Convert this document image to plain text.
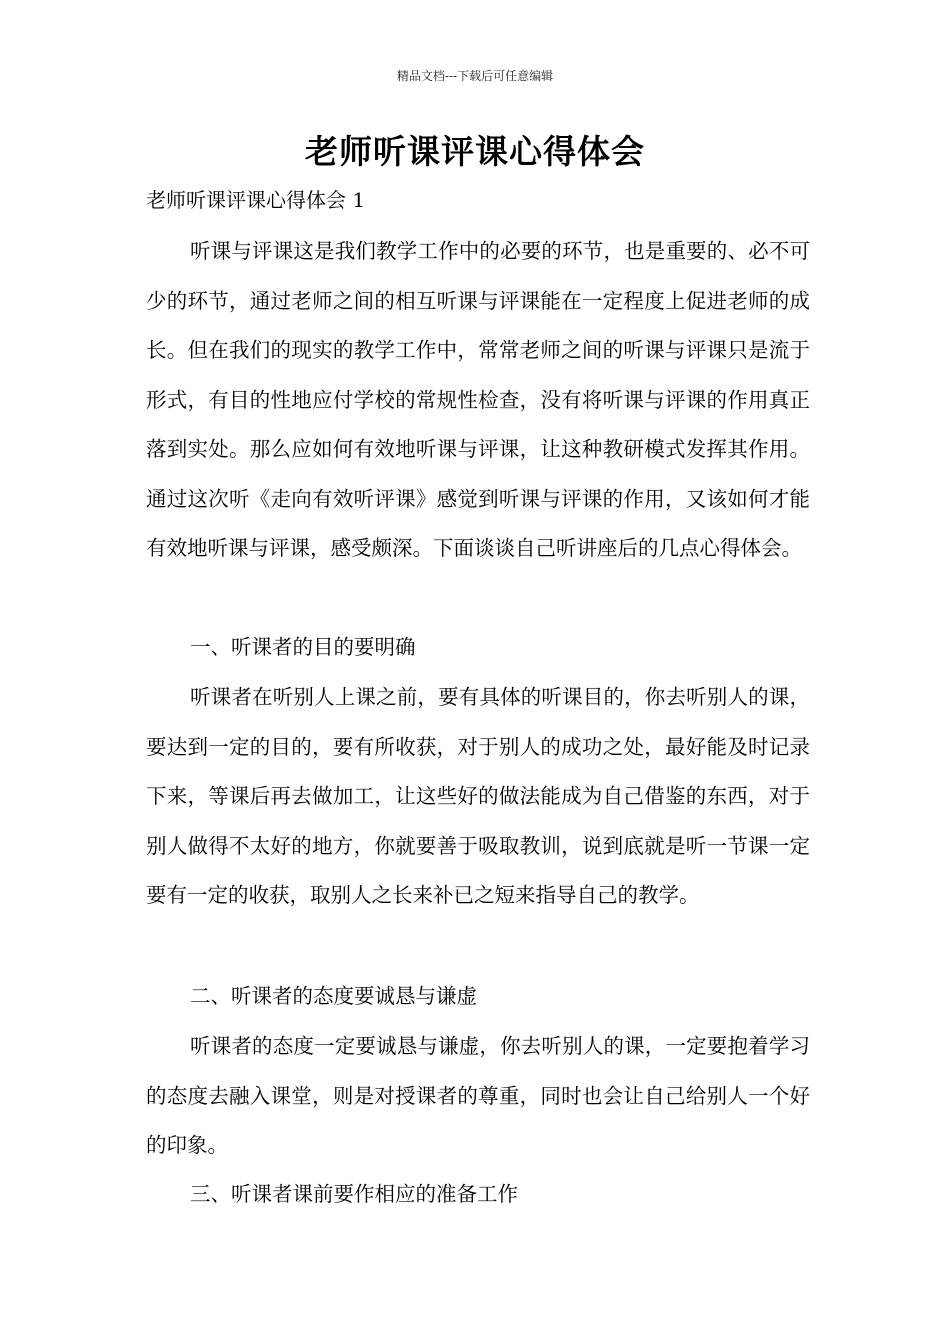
精品文档---下载后可任意编辑
老师听课评课心得体会
老师听课评课心得体会 1

听课与评课这是我们教学工作中的必要的环节，也是重要的、必不可少的环节，通过老师之间的相互听课与评课能在一定程度上促进老师的成长。但在我们的现实的教学工作中，常常老师之间的听课与评课只是流于形式，有目的性地应付学校的常规性检查，没有将听课与评课的作用真正落到实处。那么应如何有效地听课与评课，让这种教研模式发挥其作用。通过这次听《走向有效听评课》感觉到听课与评课的作用，又该如何才能有效地听课与评课，感受颇深。下面谈谈自己听讲座后的几点心得体会。

一、听课者的目的要明确

听课者在听别人上课之前，要有具体的听课目的，你去听别人的课，要达到一定的目的，要有所收获，对于别人的成功之处，最好能及时记录下来，等课后再去做加工，让这些好的做法能成为自己借鉴的东西，对于别人做得不太好的地方，你就要善于吸取教训，说到底就是听一节课一定要有一定的收获，取别人之长来补已之短来指导自己的教学。

二、听课者的态度要诚恳与谦虚

听课者的态度一定要诚恳与谦虚，你去听别人的课，一定要抱着学习的态度去融入课堂，则是对授课者的尊重，同时也会让自己给别人一个好的印象。

三、听课者课前要作相应的准备工作
